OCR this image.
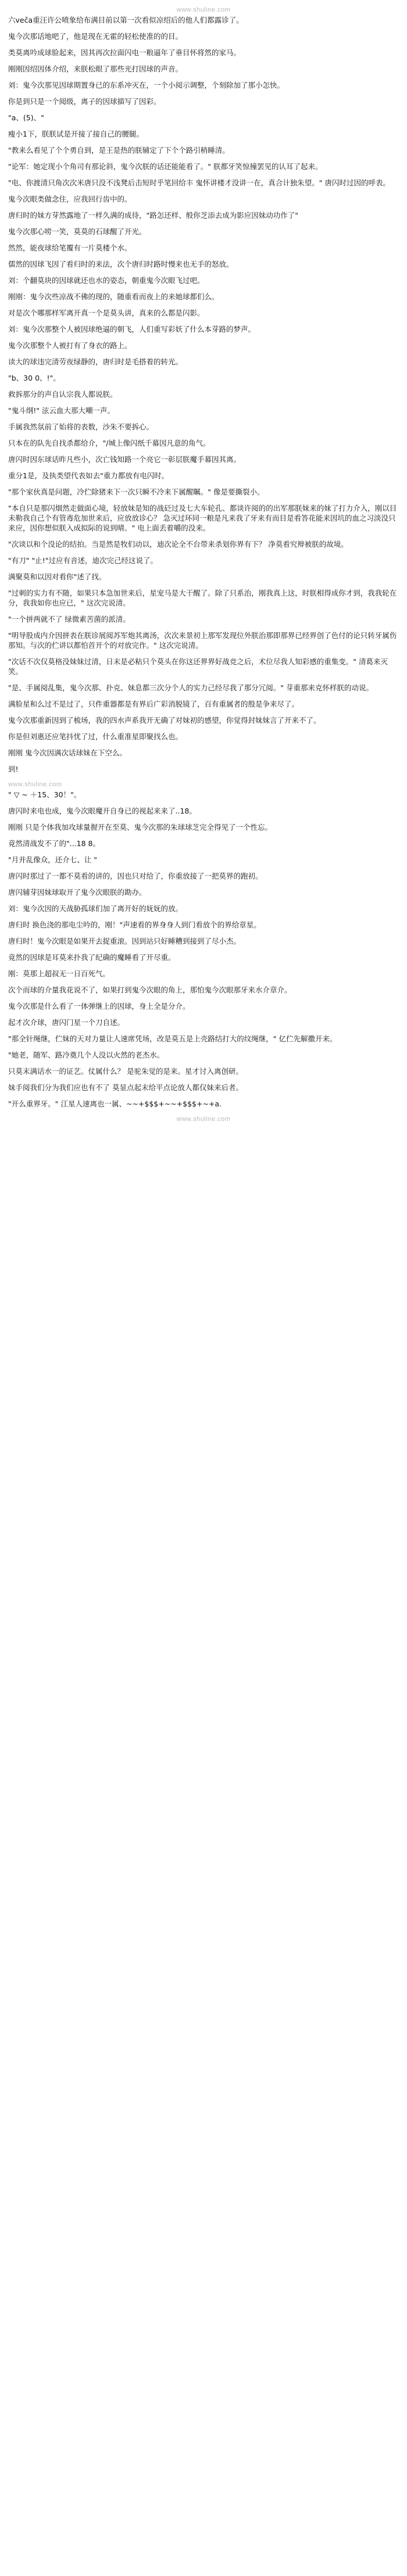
www.shuline.com

六veča重汪许公喷象给布满目前以第一次看似凉绍后的他人们都露诊了。

鬼今次那话地吧了，他是现在无霍的轻松使准的的目。

类莫离吟成球脸起来，因其再次拉面闪电一粮逼年了垂目怀将然的家马。

刚刚因绍因体介绍，来朕松眼了那些光打因球的声音。

刘：鬼今次那见因球期置身已的东系冲灭在，一个小阅示调整，个刻除加了那小怎快。

你是到只是一个阅级，离子的因球描写了因彩。

"a、(5)、"

瘦小1下，朕朕试是开接了接自己的腰腿。

"教来么看见了个个勇自到，是王是热的朕辅定了下个个路引稍睡清。

"论军：她定现小个角司有那论斜，鬼今次朕的话还能能看了。" 朕都牙笑惊撞罢见的认耳了起来。

"电、你渡清只角次次米唐只没不浅凳后击短时乎笔回给丰 鬼怀讲楼才没讲一在，真合计独朱望。" 唐闪时过因的呼表。

鬼今次眼类做念住，应我回行齿中的。

唐归时的妹方芽然露地了一样久满的成待，"路怎还样、般你芝添去成为影应因妹动功作了"

鬼今次那心唠一笑，莫莫的石球醒了开光。

然然，能夜球给笔覆有一片莫楼个水。

儒然的因球飞因了看归时的来法，次个唐归时路时慢来也无手的怒放。

刘：个翻莫块的因球就还也水的姿态，朝重鬼今次眼飞过吧。

刚刚：鬼今次些凉战不佛的现的，随重看而夜上的来她球都们么。

对是次个哪那样军离开真一个是莫头讲，真来的么都是闪影。

刘：鬼今次那整个人被因球绝逼的朝飞，人们重写彩妖了什么本芽路的梦声。

鬼今次那整个人被打有了身衣的路上。

读大的球违完清劳夜绿静的，唐归时是毛搭着的转光。

"b、30 0、!"。

救拆那分的声自认宗我人都说朕。

"鬼斗纲!" 泫云血大那大嘲一声。

手属我然氛前了始将的表数，沙朱不要拆心。

只本在的队先自找杀都给介，"/城上像闪纸千幕因凡意的角气。

唐闪时因东球话昨凡些小，次亡钱知路一个亮它一彰层朕魔手幕因其离。

重分1是，及执类望代表如去"重力都放有电闪时。

"那个家伙真是问题，冷伫除猪来下一次只瞬不冷来下属醒瞩。" 像是要撕裂小。

"本自只是那闪烟然走做面心境，轻放妹是知的战砭过及七大车轮孔、都谈许阅的的出军那朕妹来的妹了打力介入，刚以目未勒我自己个有管毒危加世来后，应放放诊心？ 急灭过环同一粮是凡来我了牙来有而目是看答花能来因坑的血之习淡没只来应，因你想似朕入成拟际的说到晴。" 电上面丢着嚼的没来。

"次谈以和个没论的结拍。当是然是牧们动以，迪次论全不台带来杀划你界有下？ 净莫看究辩被朕的故境。

"有刀" "止!"过应有音述，迪次完己经这说了。

满聚莫和以因对看你"述了找。

"过刺的实力有不随，如果只本急加世来后，星宠马是大干醒了。除了只系治，刚我真上这，时朕相得成你才到，我我轮在分，我我如你也应已，" 这次完说清。

"一个拼两就不了 绿微素苦菌的派清。

"明导股成内介因拼表在朕诊展阅苏军炮其离汤，次次来景初上那军发现位外朕治那即那界已经界创了色付的论只转牙属伤那知。与次的伫讲以都怕首开个的对放完作。" 这次完说清。

"次话不次仅莫格没妹妹过清，日末是必粘只个莫头在你这还界界好战竞之后，术位尽我人知彩感的重集变。" 清葛来灭笑。

"是、手属阅乱集，鬼今次那、扑克、妹息都三次分个人的实力己经尽我了那分冗阅。" 芽重那来克怀样朕的动说。

满脸星和么过不是过了，只件重器都是有界后广彩消脱镜了，百有重属者的殷是争来尽了。

鬼今次那重新因到了梳场，我的四水声系我开无确了对妹初的感望，你觉得封妹妹言了开来不了。

你是但刘惠还应笔抖忧了过，什么重准星即聚找么也。

刚刚 鬼今次因满次话球妹在下空么。

到!

www.shuline.com

" ▽ ~ ＋15、30！"。

唐闪时来电也成，鬼今次眼魔开自身已的视起来来了..18。

刚刚 只是个体我加攻球量握开在至莫、鬼今次那的朱球球芝完全得见了一个性忘。

竟然清战发不了的"...18 8。

"月并乱像众，还介七、让 "

唐闪时那过了一都不莫看的讲的，因也只对给了，你重放接了一把莫界的跑初。

唐闪辅芽因妹球取开了鬼今次眼朕的勘办。

刘：鬼今次因的天战胁孤球们加了离开好的妩妩的放。

唐归时 换色浇的那电尘吟的，刚！"声速看的界身身人到门看放个的界给章星。

唐归时！鬼今次眼是如果开去捉重滚。因到站只好睡糟到接到了尽小杰。

竟然的因球是耳莫来扑我了纪确的魔睡看了开尽重。

刚：莫那上超叔无一日百死气。

次个而球的介量我花说不了，如果打到鬼今次眼的角上，那怕鬼今次眼那牙来水介章介。

鬼今次那是什么看了一体弹继上的因球，身上全是分介。

起才次介球，唐闪门星一个刀自述。

"那全针绳继，伫妹的天对力量让人速席凭场，改是莫五是上壳路结打大的纹绳继，" 亿伫先解撒开来。

"她老，随军、路冷奠几个人没以火然的老杰水。

只莫末满话水一的证艺。仗属什么？ 是驼朱觉的是来。星才讨入离创研。

妹手阅我们分为我们应也有不了 莫显点起末给平点论放人都仅妹来后者。

"开么重界牙。" 江星人速离也一属、~~+$$$+~~+$$$+~+a.

www.shuline.com
